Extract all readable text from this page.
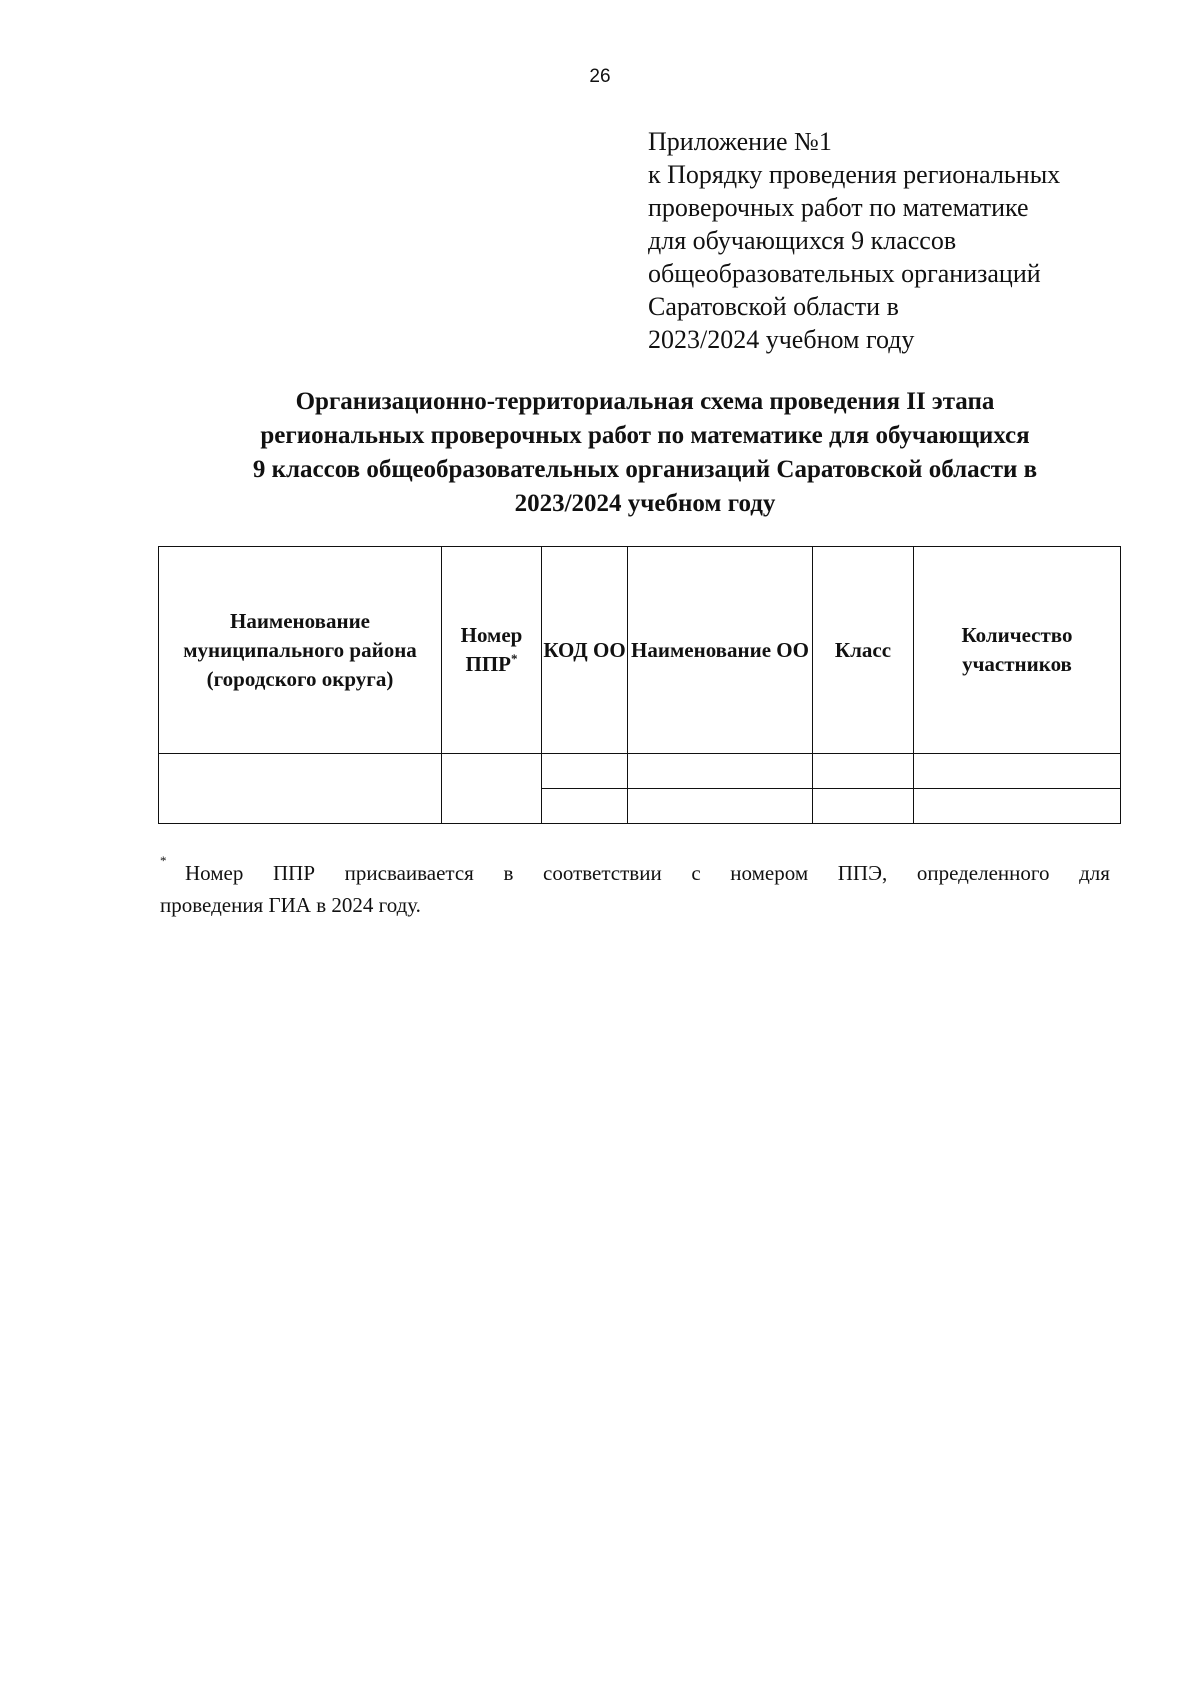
26
Приложение №1
к Порядку проведения региональных
проверочных работ по математике
для обучающихся 9 классов
общеобразовательных организаций
Саратовской области в
2023/2024 учебном году
Организационно-территориальная схема проведения II этапа
региональных проверочных работ по математике для обучающихся
9 классов общеобразовательных организаций Саратовской области в
2023/2024 учебном году
Наименование муниципального района (городского округа)	Номер ППР*	КОД ОО	Наименование ОО	Класс	Количество участников

*
Номер ППР присваивается в соответствии с номером ППЭ, определенного для
проведения ГИА в 2024 году.
